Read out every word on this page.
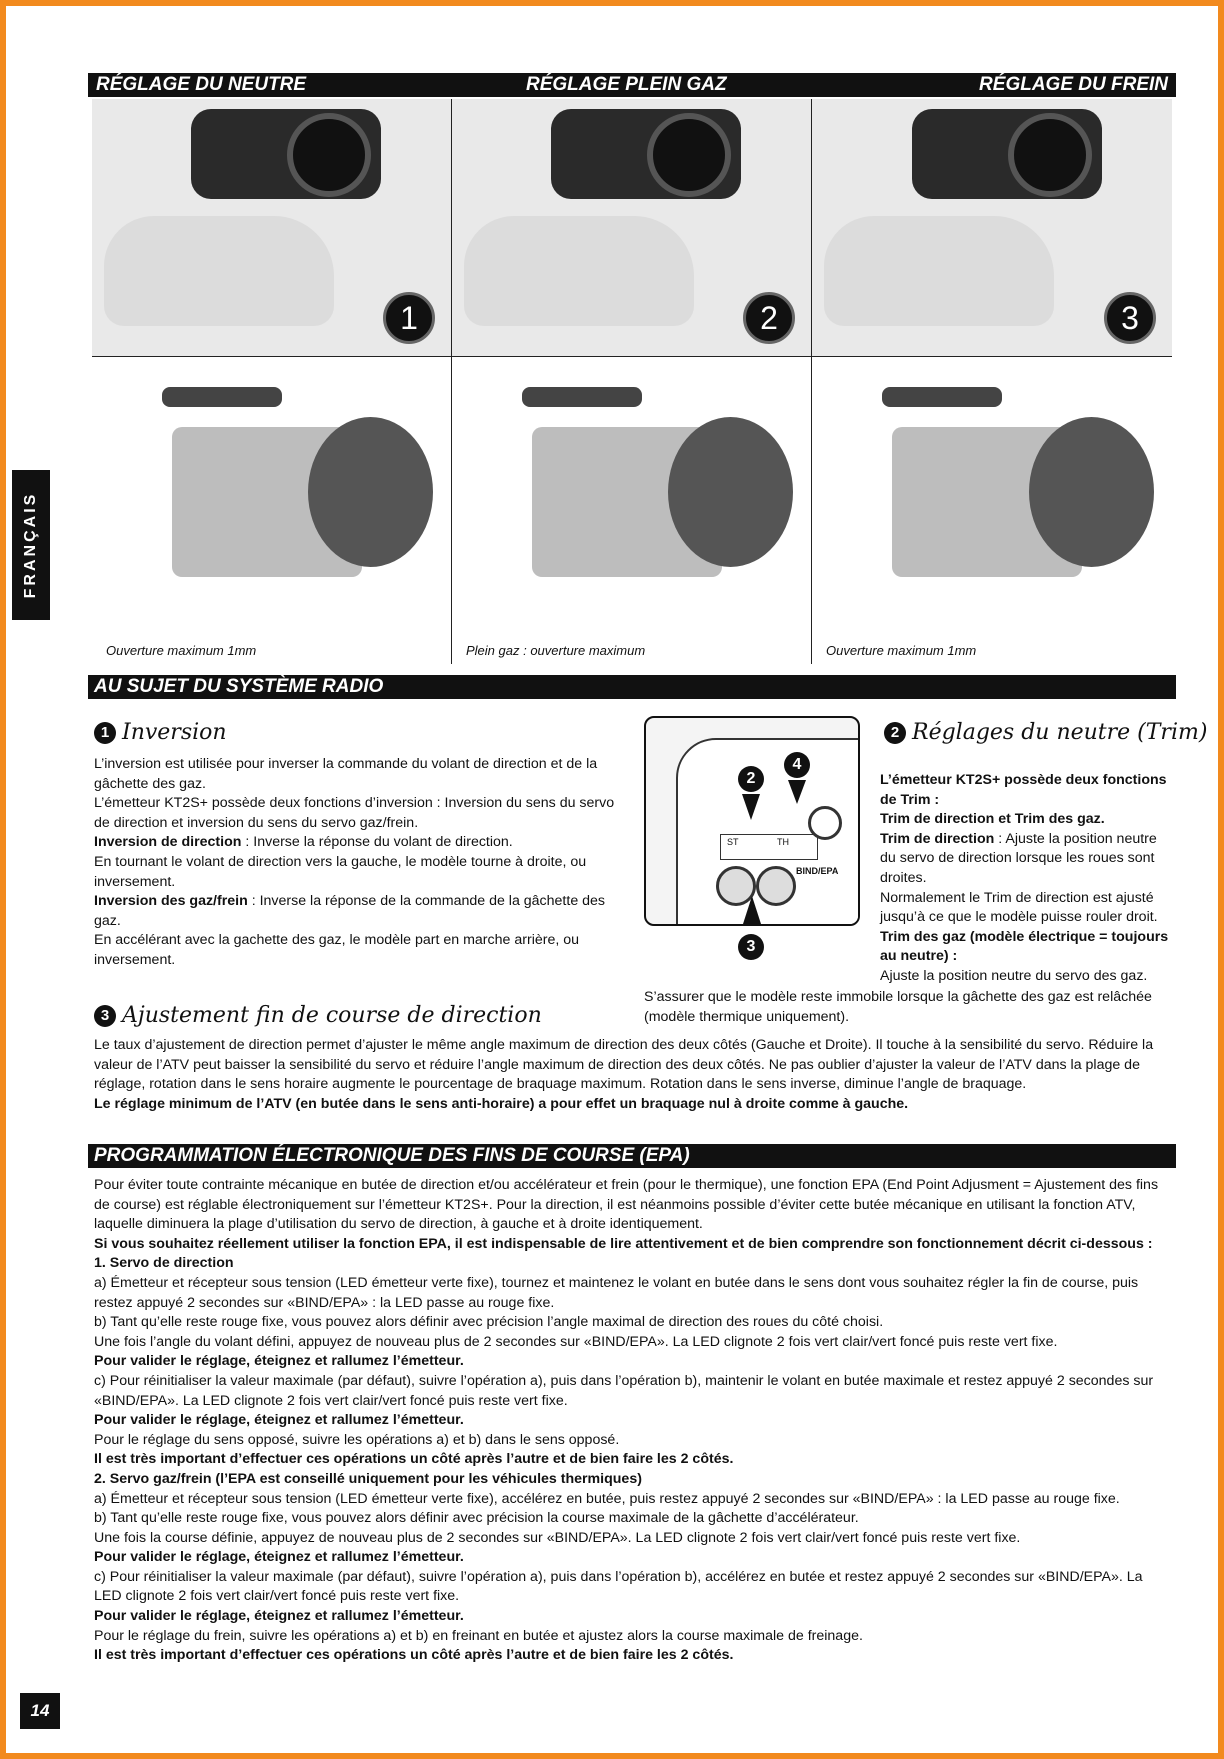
FRANÇAIS
RÉGLAGE DU NEUTRE	RÉGLAGE PLEIN GAZ	RÉGLAGE DU FREIN
1	2	3
Ouverture maximum 1mm	Plein gaz : ouverture maximum	Ouverture maximum 1mm
AU SUJET DU SYSTÈME RADIO
1 Inversion

L’inversion est utilisée pour inverser la commande du volant de direction et de la gâchette des gaz.

L’émetteur KT2S+ possède deux fonctions d’inversion : Inversion du sens du servo de direction et inversion du sens du servo gaz/frein.

Inversion de direction : Inverse la réponse du volant de direction.

En tournant le volant de direction vers la gauche, le modèle tourne à droite, ou inversement.

Inversion des gaz/frein : Inverse la réponse de la commande de la gâchette des gaz.

En accélérant avec la gachette des gaz, le modèle part en marche arrière, ou inversement.

ST	TH
BIND/EPA
2
4
3
2 Réglages du neutre (Trim)

L’émetteur KT2S+ possède deux fonctions de Trim :

Trim de direction et Trim des gaz.

Trim de direction : Ajuste la position neutre du servo de direction lorsque les roues sont droites.

Normalement le Trim de direction est ajusté jusqu’à ce que le modèle puisse rouler droit.

Trim des gaz (modèle électrique = toujours au neutre) :

Ajuste la position neutre du servo des gaz.

S’assurer que le modèle reste immobile lorsque la gâchette des gaz est relâchée (modèle thermique uniquement).
3 Ajustement fin de course de direction

Le taux d’ajustement de direction permet d’ajuster le même angle maximum de direction des deux côtés (Gauche et Droite). Il touche à la sensibilité du servo. Réduire la valeur de l’ATV peut baisser la sensibilité du servo et réduire l’angle maximum de direction des deux côtés. Ne pas oublier d’ajuster la valeur de l’ATV dans la plage de réglage, rotation dans le sens horaire augmente le pourcentage de braquage maximum. Rotation dans le sens inverse, diminue l’angle de braquage.

Le réglage minimum de l’ATV (en butée dans le sens anti-horaire) a pour effet un braquage nul à droite comme à gauche.

PROGRAMMATION ÉLECTRONIQUE DES FINS DE COURSE (EPA)

Pour éviter toute contrainte mécanique en butée de direction et/ou accélérateur et frein (pour le thermique), une fonction EPA (End Point Adjusment = Ajustement des fins de course) est réglable électroniquement sur l’émetteur KT2S+. Pour la direction, il est néanmoins possible d’éviter cette butée mécanique en utilisant la fonction ATV, laquelle diminuera la plage d’utilisation du servo de direction, à gauche et à droite identiquement.

Si vous souhaitez réellement utiliser la fonction EPA, il est indispensable de lire attentivement et de bien comprendre son fonctionnement décrit ci-dessous :

1. Servo de direction

a) Émetteur et récepteur sous tension (LED émetteur verte fixe), tournez et maintenez le volant en butée dans le sens dont vous souhaitez régler la fin de course, puis restez appuyé 2 secondes sur «BIND/EPA» : la LED passe au rouge fixe.

b) Tant qu’elle reste rouge fixe, vous pouvez alors définir avec précision l’angle maximal de direction des roues du côté choisi.

Une fois l’angle du volant défini, appuyez de nouveau plus de 2 secondes sur «BIND/EPA». La LED clignote 2 fois vert clair/vert foncé puis reste vert fixe.

Pour valider le réglage, éteignez et rallumez l’émetteur.

c) Pour réinitialiser la valeur maximale (par défaut), suivre l’opération a), puis dans l’opération b), maintenir le volant en butée maximale et restez appuyé 2 secondes sur «BIND/EPA». La LED clignote 2 fois vert clair/vert foncé puis reste vert fixe.

Pour valider le réglage, éteignez et rallumez l’émetteur.

Pour le réglage du sens opposé, suivre les opérations a) et b) dans le sens opposé.

Il est très important d’effectuer ces opérations un côté après l’autre et de bien faire les 2 côtés.

2. Servo gaz/frein (l’EPA est conseillé uniquement pour les véhicules thermiques)

a) Émetteur et récepteur sous tension (LED émetteur verte fixe), accélérez en butée, puis restez appuyé 2 secondes sur «BIND/EPA» : la LED passe au rouge fixe.

b) Tant qu’elle reste rouge fixe, vous pouvez alors définir avec précision la course maximale de la gâchette d’accélérateur.

Une fois la course définie, appuyez de nouveau plus de 2 secondes sur «BIND/EPA». La LED clignote 2 fois vert clair/vert foncé puis reste vert fixe.

Pour valider le réglage, éteignez et rallumez l’émetteur.

c) Pour réinitialiser la valeur maximale (par défaut), suivre l’opération a), puis dans l’opération b), accélérez en butée et restez appuyé 2 secondes sur «BIND/EPA». La LED clignote 2 fois vert clair/vert foncé puis reste vert fixe.

Pour valider le réglage, éteignez et rallumez l’émetteur.

Pour le réglage du frein, suivre les opérations a) et b) en freinant en butée et ajustez alors la course maximale de freinage.

Il est très important d’effectuer ces opérations un côté après l’autre et de bien faire les 2 côtés.

14
